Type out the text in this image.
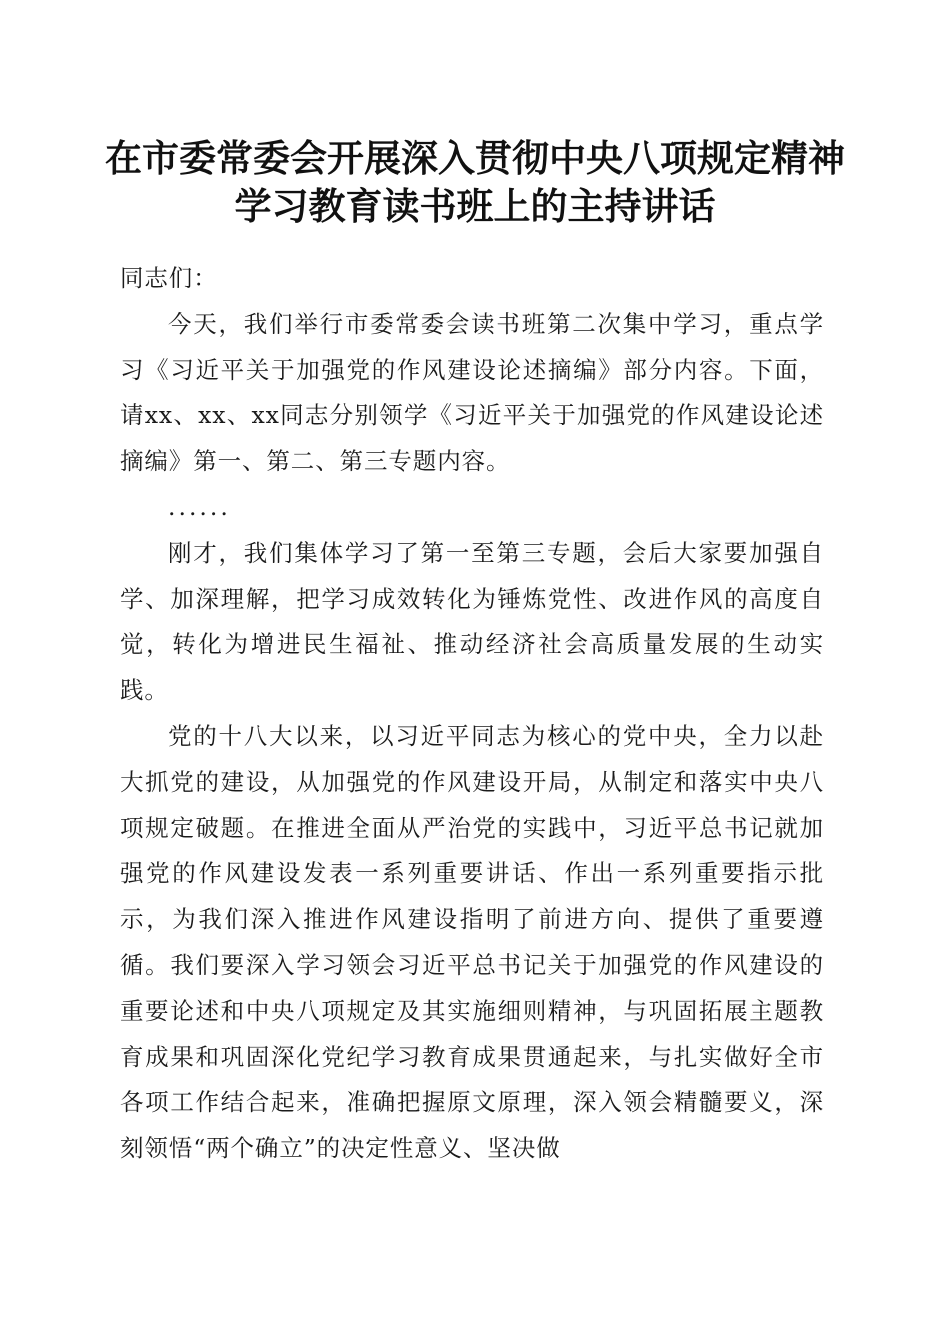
在市委常委会开展深入贯彻中央八项规定精神
学习教育读书班上的主持讲话

同志们：

今天，我们举行市委常委会读书班第二次集中学习，重点学习《习近平关于加强党的作风建设论述摘编》部分内容。下面，请xx、xx、xx同志分别领学《习近平关于加强党的作风建设论述摘编》第一、第二、第三专题内容。

......

刚才，我们集体学习了第一至第三专题，会后大家要加强自学、加深理解，把学习成效转化为锤炼党性、改进作风的高度自觉，转化为增进民生福祉、推动经济社会高质量发展的生动实践。

党的十八大以来，以习近平同志为核心的党中央，全力以赴大抓党的建设，从加强党的作风建设开局，从制定和落实中央八项规定破题。在推进全面从严治党的实践中，习近平总书记就加强党的作风建设发表一系列重要讲话、作出一系列重要指示批示，为我们深入推进作风建设指明了前进方向、提供了重要遵循。我们要深入学习领会习近平总书记关于加强党的作风建设的重要论述和中央八项规定及其实施细则精神，与巩固拓展主题教育成果和巩固深化党纪学习教育成果贯通起来，与扎实做好全市各项工作结合起来，准确把握原文原理，深入领会精髓要义，深刻领悟“两个确立”的决定性意义、坚决做
